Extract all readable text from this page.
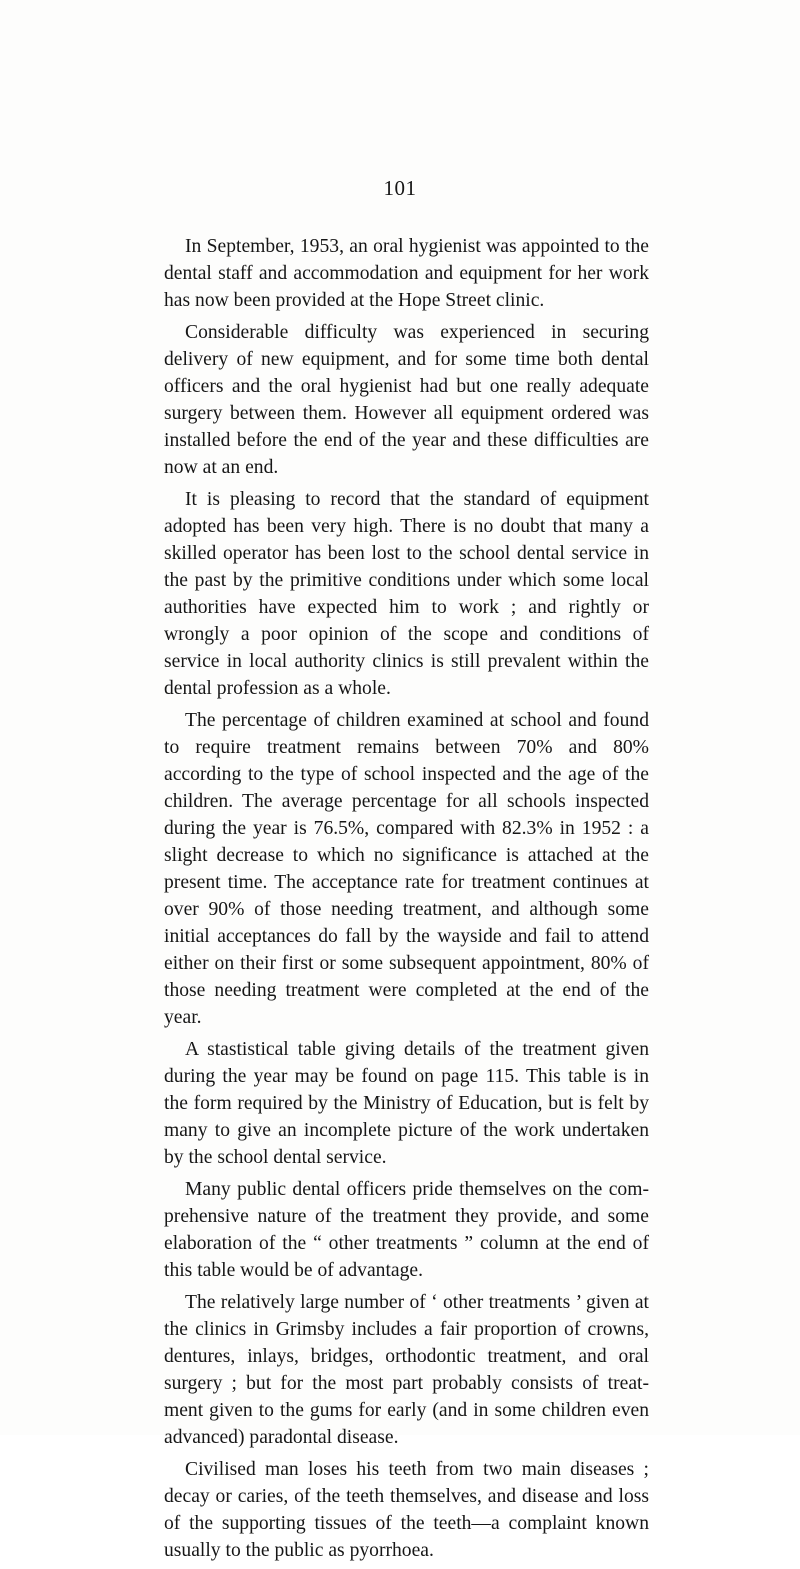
101

In September, 1953, an oral hygienist was appointed to the dental staff and accommodation and equipment for her work has now been provided at the Hope Street clinic.

Considerable difficulty was experienced in securing delivery of new equipment, and for some time both dental officers and the oral hygienist had but one really adequate surgery between them. However all equipment ordered was installed before the end of the year and these difficulties are now at an end.

It is pleasing to record that the standard of equipment adopted has been very high. There is no doubt that many a skilled operator has been lost to the school dental service in the past by the primitive conditions under which some local authorities have expected him to work ; and rightly or wrongly a poor opinion of the scope and conditions of service in local authority clinics is still prevalent within the dental profession as a whole.

The percentage of children examined at school and found to require treatment remains between 70% and 80% according to the type of school inspected and the age of the children. The average percentage for all schools inspected during the year is 76.5%, compared with 82.3% in 1952 : a slight decrease to which no significance is attached at the present time. The acceptance rate for treatment continues at over 90% of those needing treatment, and although some initial acceptances do fall by the wayside and fail to attend either on their first or some subsequent appointment, 80% of those needing treatment were completed at the end of the year.

A stastistical table giving details of the treatment given during the year may be found on page 115. This table is in the form required by the Ministry of Education, but is felt by many to give an incomplete picture of the work undertaken by the school dental service.

Many public dental officers pride themselves on the com- prehensive nature of the treatment they provide, and some elaboration of the “ other treatments ” column at the end of this table would be of advantage.

The relatively large number of ‘ other treatments ’ given at the clinics in Grimsby includes a fair proportion of crowns, dentures, inlays, bridges, orthodontic treatment, and oral surgery ; but for the most part probably consists of treat- ment given to the gums for early (and in some children even advanced) paradontal disease.

Civilised man loses his teeth from two main diseases ; decay or caries, of the teeth themselves, and disease and loss of the supporting tissues of the teeth—a complaint known usually to the public as pyorrhoea.
